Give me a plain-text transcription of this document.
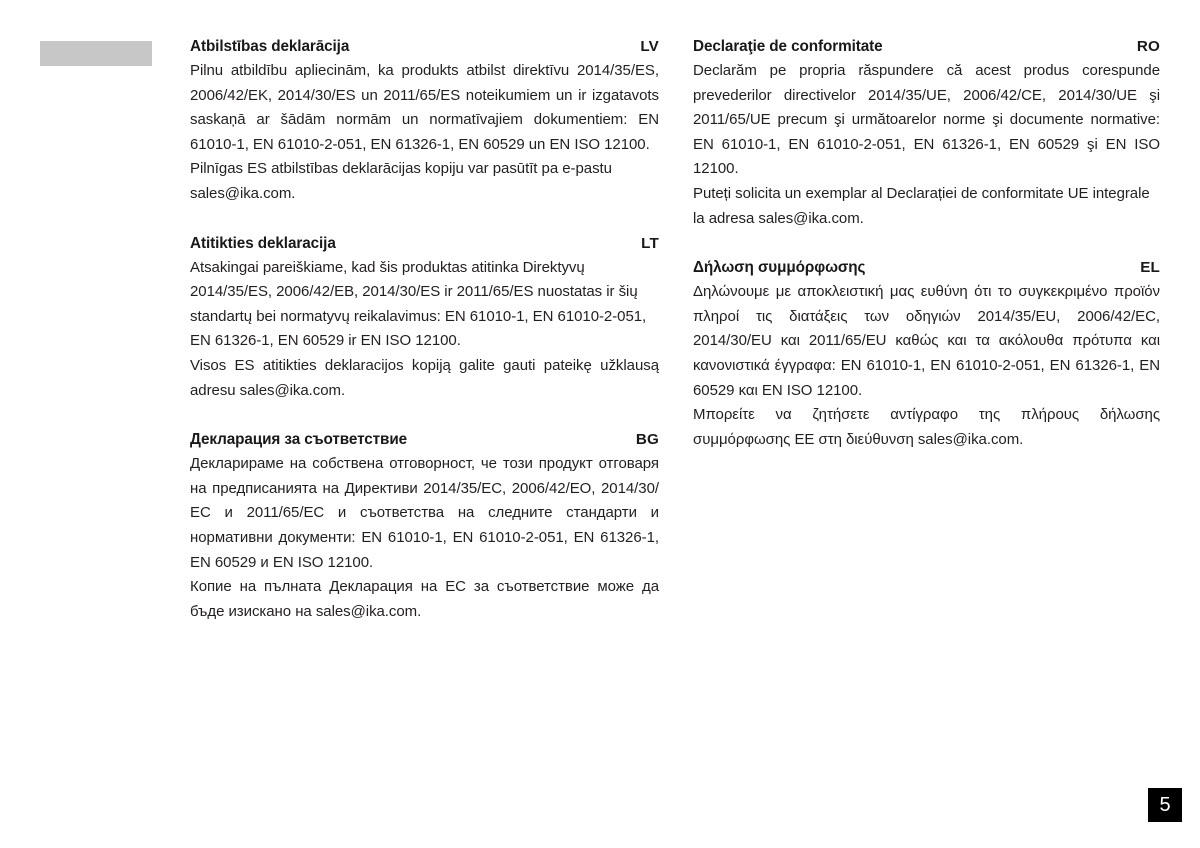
Atbilstības deklarācija	LV

Pilnu atbildību apliecinām, ka produkts atbilst direktīvu 2014/35/ES, 2006/42/EK, 2014/30/ES un 2011/65/ES noteikumiem un ir izgatavots saskaņā ar šādām normām un normatīvajiem dokumentiem: EN 61010-1, EN 61010-2-051, EN 61326-1, EN 60529 un EN ISO 12100.

Pilnīgas ES atbilstības deklarācijas kopiju var pasūtīt pa e-pastu sales@ika.com.

Atitikties deklaracija	LT

Atsakingai pareiškiame, kad šis produktas atitinka Direktyvų 2014/35/ES, 2006/42/EB, 2014/30/ES ir 2011/65/ES nuostatas ir šių standartų bei normatyvų reikalavimus: EN 61010-1, EN 61010-2-051, EN 61326-1, EN 60529 ir EN ISO 12100.

Visos ES atitikties deklaracijos kopiją galite gauti pateikę užklausą adresu sales@ika.com.

Декларация за съответствие	BG

Декларираме на собствена отговорност, че този продукт отговаря на предписанията на Директиви 2014/35/ЕС, 2006/42/ЕО, 2014/30/ЕС и 2011/65/ЕС и съответства на следните стандарти и нормативни документи: EN 61010-1, EN 61010-2-051, EN 61326-1, EN 60529 и EN ISO 12100.

Копие на пълната Декларация на ЕС за съответствие може да бъде изискано на sales@ika.com.

Declaraţie de conformitate	RO

Declarăm pe propria răspundere că acest produs corespunde prevederilor directivelor 2014/35/UE, 2006/42/CE, 2014/30/UE şi 2011/65/UE precum şi următoarelor norme şi documente normative: EN 61010-1, EN 61010-2-051, EN 61326-1, EN 60529 şi EN ISO 12100.

Puteți solicita un exemplar al Declarației de conformitate UE integrale la adresa sales@ika.com.

Δήλωση συμμόρφωσης	EL

Δηλώνουμε με αποκλειστική μας ευθύνη ότι το συγκεκριμένο προϊόν πληροί τις διατάξεις των οδηγιών 2014/35/EU, 2006/42/EC, 2014/30/EU και 2011/65/EU καθώς και τα ακόλουθα πρότυπα και κανονιστικά έγγραφα: EN 61010-1, EN 61010-2-051, EN 61326-1, EN 60529 και EN ISO 12100.

Μπορείτε να ζητήσετε αντίγραφο της πλήρους δήλωσης συμμόρφωσης ΕΕ στη διεύθυνση sales@ika.com.

5
